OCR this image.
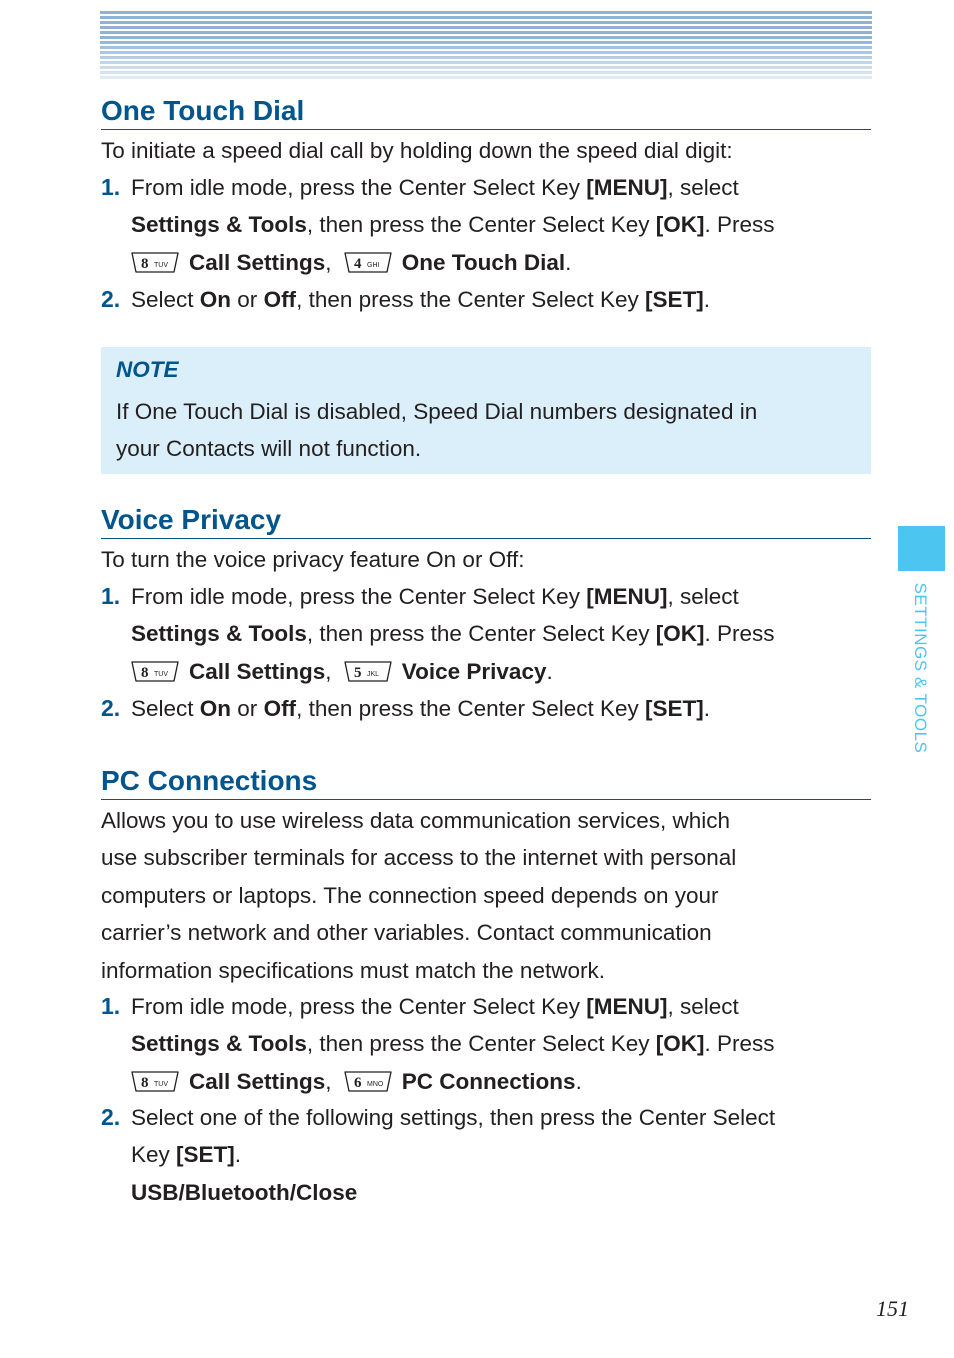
One Touch Dial
To initiate a speed dial call by holding down the speed dial digit:
1. From idle mode, press the Center Select Key [MENU], select
Settings & Tools, then press the Center Select Key [OK]. Press
8 TUV Call Settings, 4 GHI One Touch Dial.
2. Select On or Off, then press the Center Select Key [SET].
NOTE
If One Touch Dial is disabled, Speed Dial numbers designated in
your Contacts will not function.
Voice Privacy
To turn the voice privacy feature On or Off:
1. From idle mode, press the Center Select Key [MENU], select
Settings & Tools, then press the Center Select Key [OK]. Press
8 TUV Call Settings, 5 JKL Voice Privacy.
2. Select On or Off, then press the Center Select Key [SET].
PC Connections
Allows you to use wireless data communication services, which
use subscriber terminals for access to the internet with personal
computers or laptops. The connection speed depends on your
carrier’s network and other variables. Contact communication
information specifications must match the network.
1. From idle mode, press the Center Select Key [MENU], select
Settings & Tools, then press the Center Select Key [OK]. Press
8 TUV Call Settings, 6 MNO PC Connections.
2. Select one of the following settings, then press the Center Select
Key [SET].
USB/Bluetooth/Close
SETTINGS & TOOLS
151
